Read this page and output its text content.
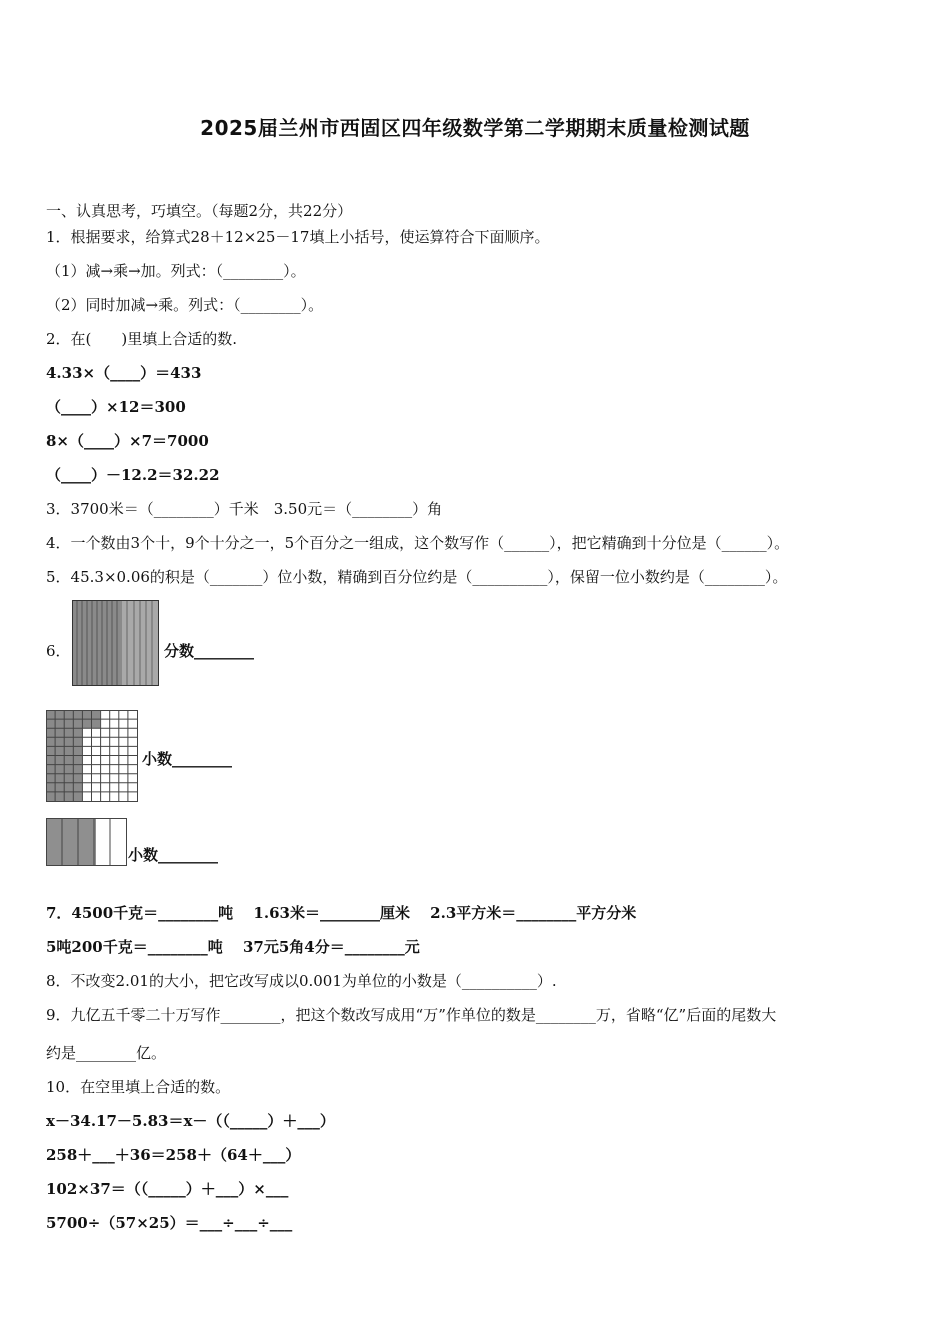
2025届兰州市西固区四年级数学第二学期期末质量检测试题
一、认真思考，巧填空。（每题2分，共22分）
1．根据要求，给算式28＋12×25－17填上小括号，使运算符合下面顺序。
（1）减→乘→加。列式：（________）。
（2）同时加减→乘。列式：（________）。
2．在(　　)里填上合适的数.
4.33×（____）＝433
（____）×12＝300
8×（____）×7＝7000
（____）－12.2＝32.22
3．3700米＝（________）千米　3.50元＝（________）角
4．一个数由3个十，9个十分之一，5个百分之一组成，这个数写作（______），把它精确到十分位是（______）。
5．45.3×0.06的积是（_______）位小数，精确到百分位约是（__________），保留一位小数约是（________）。
6．	分数________
小数________
小数________
7．4500千克＝________吨　 1.63米＝________厘米　 2.3平方米＝________平方分米
5吨200千克＝________吨　 37元5角4分＝________元
8．不改变2.01的大小，把它改写成以0.001为单位的小数是（__________）.
9．九亿五千零二十万写作________，把这个数改写成用“万”作单位的数是________万，省略“亿”后面的尾数大
约是________亿。
10．在空里填上合适的数。
x－34.17－5.83＝x－（（_____）＋___）
258＋___＋36＝258＋（64＋___）
102×37＝（（_____）＋___）×___
5700÷（57×25）＝___÷___÷___
